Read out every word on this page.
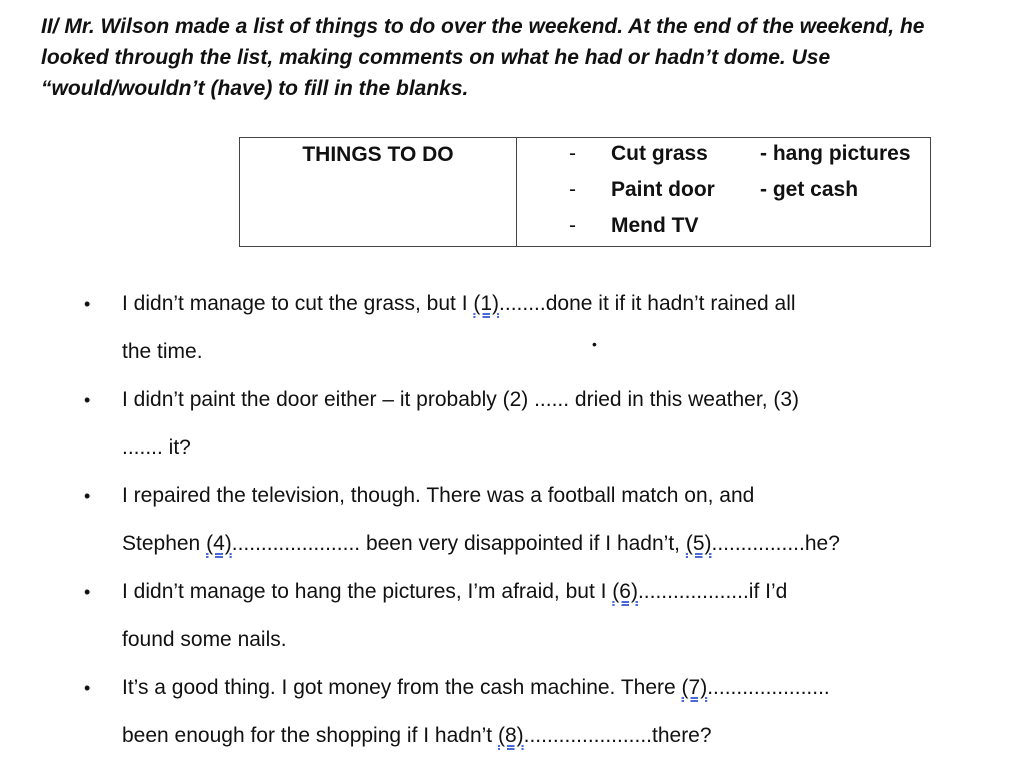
II/ Mr. Wilson made a list of things to do over the weekend. At the end of the weekend, he looked through the list, making comments on what he had or hadn’t dome. Use “would/wouldn’t (have) to fill in the blanks.

THINGS TO DO	- Cut grass - hang pictures
- Paint door - get cash
- Mend TV
•
• I didn’t manage to cut the grass, but I (1)........done it if it hadn’t rained all
the time.
• I didn’t paint the door either – it probably (2) ...... dried in this weather, (3)
....... it?
• I repaired the television, though. There was a football match on, and
Stephen (4)...................... been very disappointed if I hadn’t, (5)................he?
• I didn’t manage to hang the pictures, I’m afraid, but I (6)...................if I’d
found some nails.
• It’s a good thing. I got money from the cash machine. There (7).....................
been enough for the shopping if I hadn’t (8)......................there?
